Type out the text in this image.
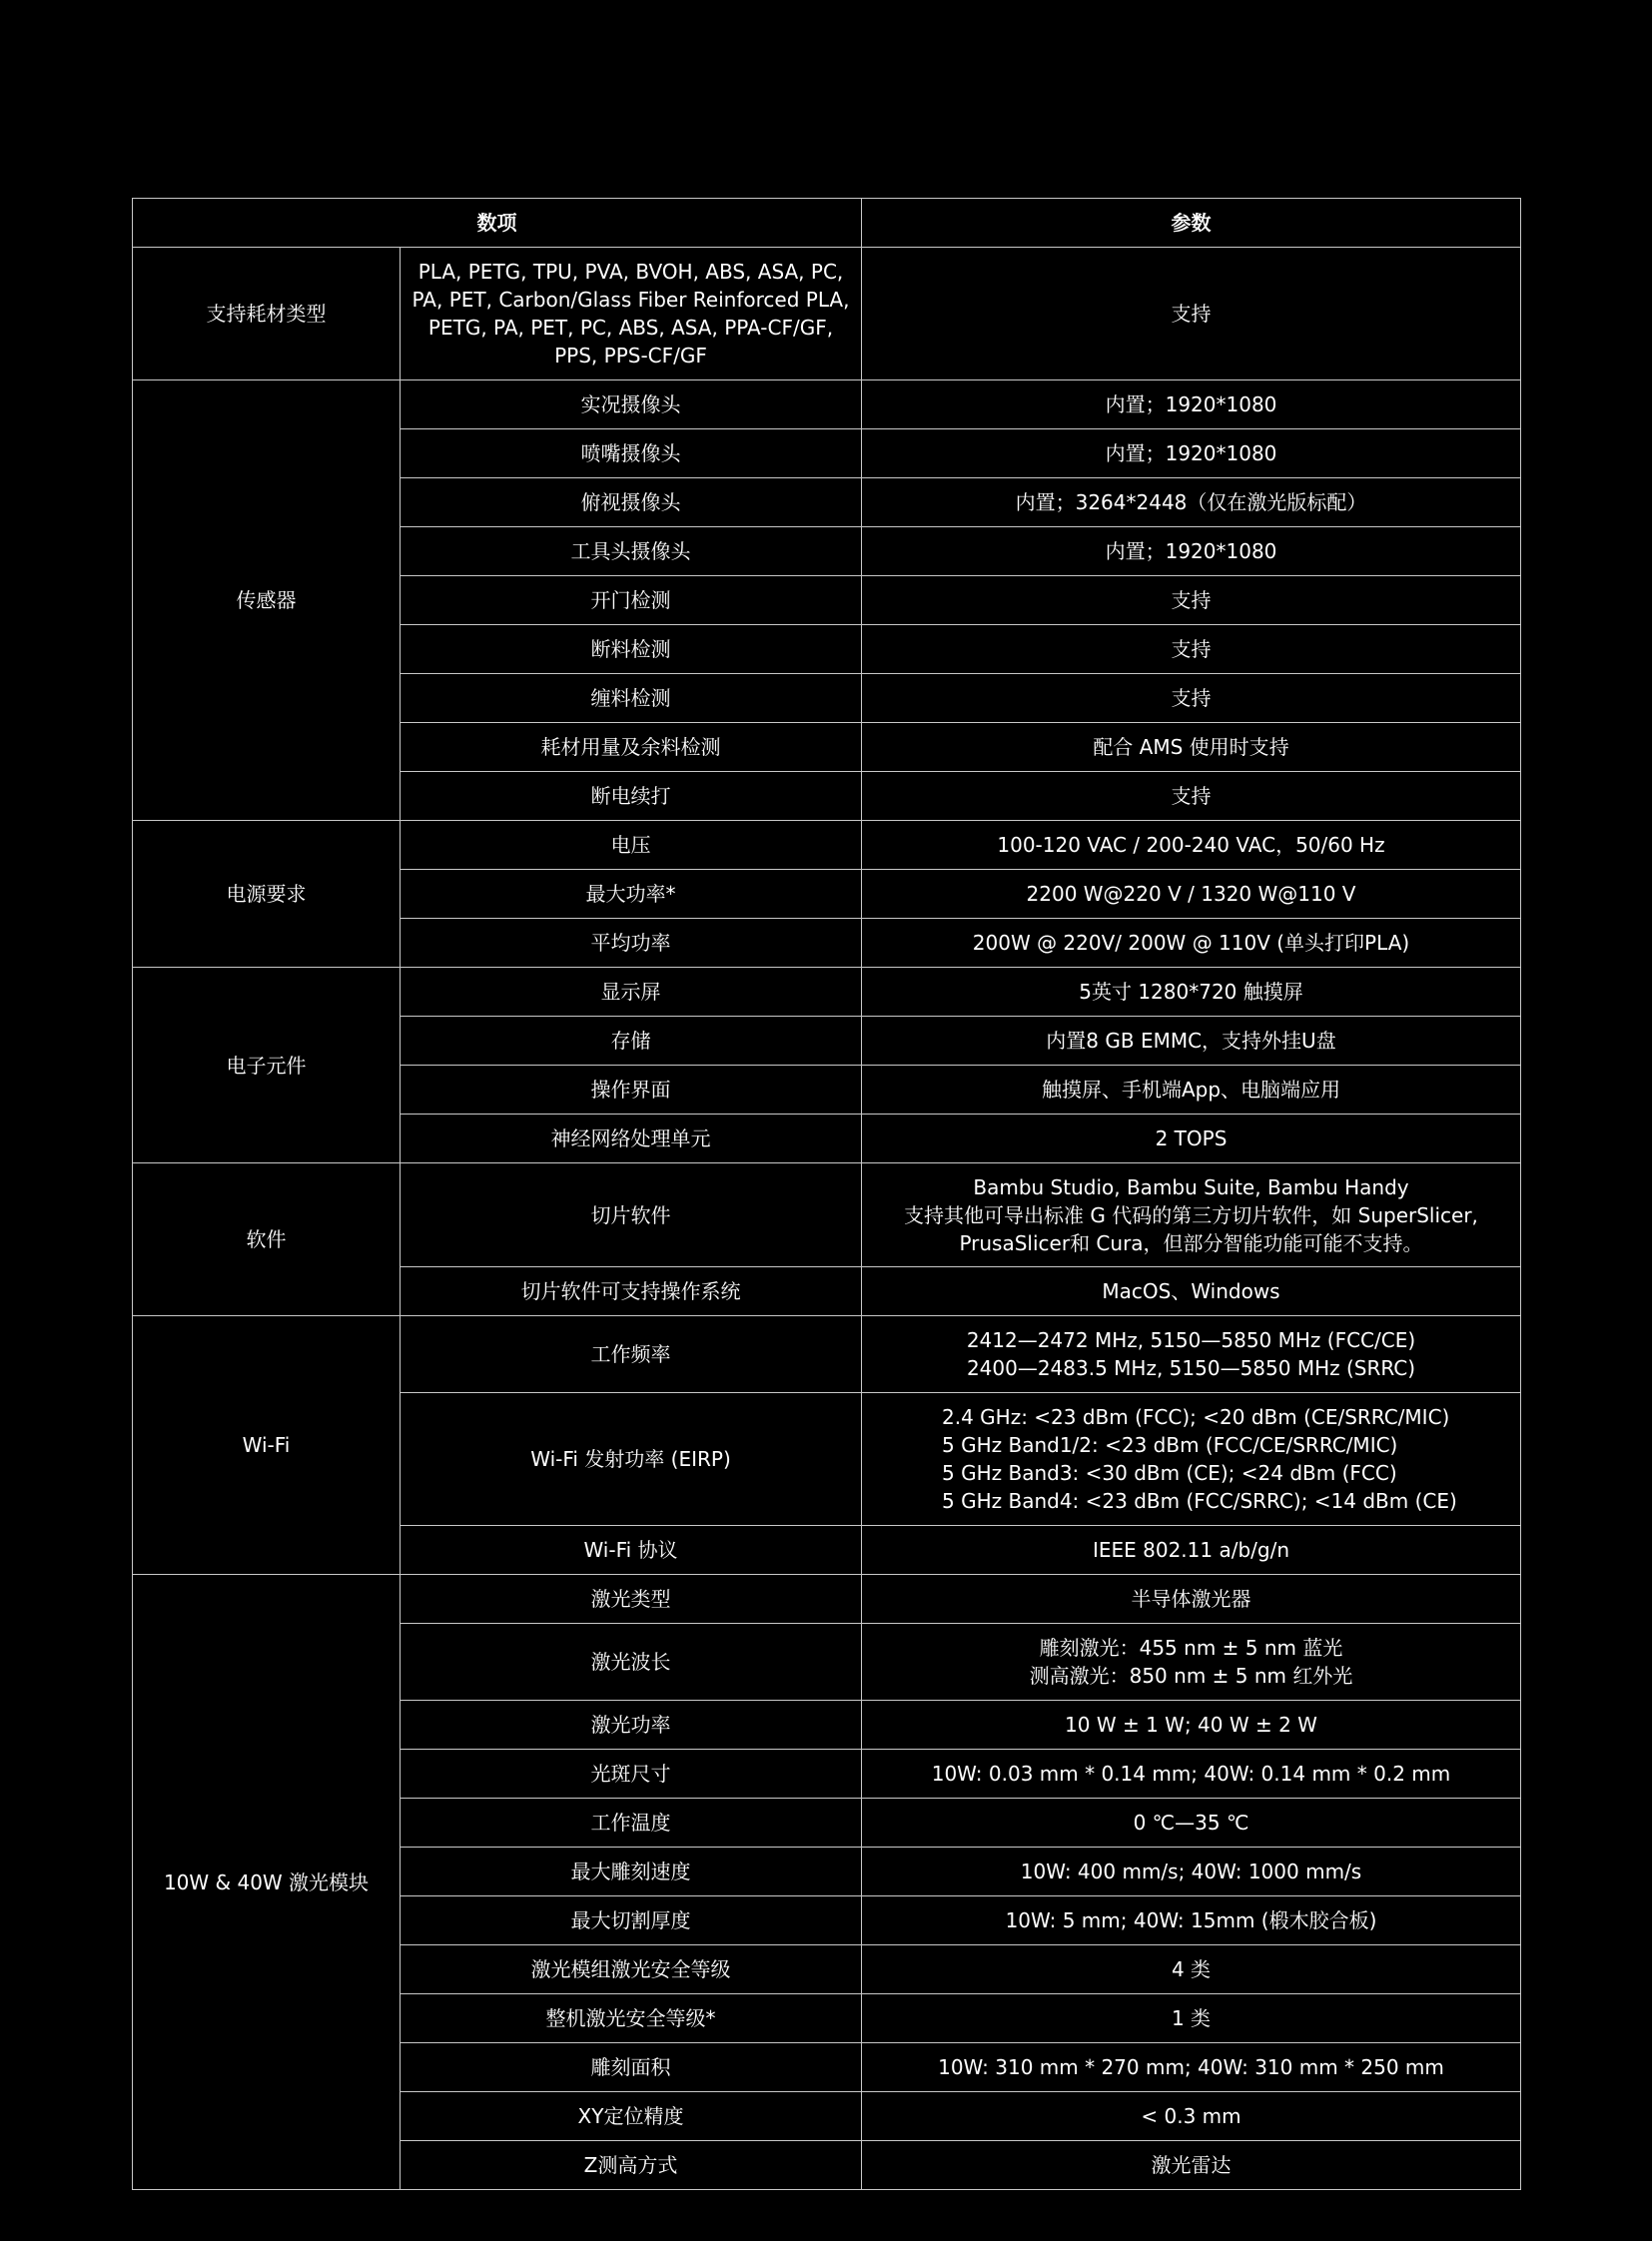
数项		参数
支持耗材类型	PLA, PETG, TPU, PVA, BVOH, ABS, ASA, PC,
PA, PET, Carbon/Glass Fiber Reinforced PLA,
PETG, PA, PET, PC, ABS, ASA, PPA-CF/GF,
PPS, PPS-CF/GF	支持
传感器	实况摄像头	内置；1920*1080
	喷嘴摄像头	内置；1920*1080
	俯视摄像头	内置；3264*2448（仅在激光版标配）
	工具头摄像头	内置；1920*1080
	开门检测	支持
	断料检测	支持
	缠料检测	支持
	耗材用量及余料检测	配合 AMS 使用时支持
	断电续打	支持
电源要求	电压	100-120 VAC / 200-240 VAC，50/60 Hz
	最大功率*	2200 W@220 V / 1320 W@110 V
	平均功率	200W @ 220V/ 200W @ 110V (单头打印PLA)
电子元件	显示屏	5英寸 1280*720 触摸屏
	存储	内置8 GB EMMC，支持外挂U盘
	操作界面	触摸屏、手机端App、电脑端应用
	神经网络处理单元	2 TOPS
软件	切片软件	Bambu Studio, Bambu Suite, Bambu Handy
支持其他可导出标准 G 代码的第三方切片软件，如 SuperSlicer,
PrusaSlicer和 Cura，但部分智能功能可能不支持。
	切片软件可支持操作系统	MacOS、Windows
Wi-Fi	工作频率	2412—2472 MHz, 5150—5850 MHz (FCC/CE)
2400—2483.5 MHz, 5150—5850 MHz (SRRC)
	Wi-Fi 发射功率 (EIRP)	2.4 GHz: <23 dBm (FCC); <20 dBm (CE/SRRC/MIC)
5 GHz Band1/2: <23 dBm (FCC/CE/SRRC/MIC)
5 GHz Band3: <30 dBm (CE); <24 dBm (FCC)
5 GHz Band4: <23 dBm (FCC/SRRC); <14 dBm (CE)
	Wi-Fi 协议	IEEE 802.11 a/b/g/n
10W & 40W 激光模块	激光类型	半导体激光器
	激光波长	雕刻激光：455 nm ± 5 nm 蓝光
测高激光：850 nm ± 5 nm 红外光
	激光功率	10 W ± 1 W; 40 W ± 2 W
	光斑尺寸	10W: 0.03 mm * 0.14 mm; 40W: 0.14 mm * 0.2 mm
	工作温度	0 ℃—35 ℃
	最大雕刻速度	10W: 400 mm/s; 40W: 1000 mm/s
	最大切割厚度	10W: 5 mm; 40W: 15mm (椴木胶合板)
	激光模组激光安全等级	4 类
	整机激光安全等级*	1 类
	雕刻面积	10W: 310 mm * 270 mm; 40W: 310 mm * 250 mm
	XY定位精度	< 0.3 mm
	Z测高方式	激光雷达
